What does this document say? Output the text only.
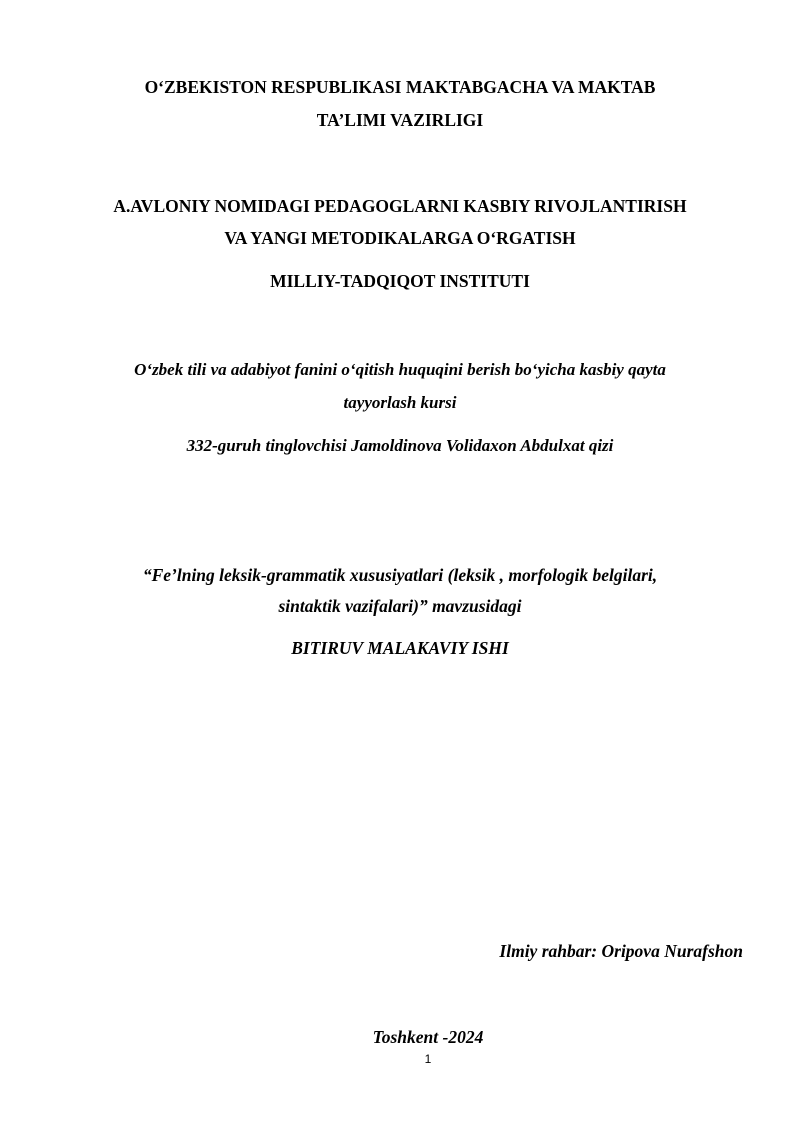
O‘ZBEKISTON RESPUBLIKASI MAKTABGACHA VA MAKTAB
TA’LIMI VAZIRLIGI
A.AVLONIY NOMIDAGI PEDAGOGLARNI KASBIY RIVOJLANTIRISH
VA YANGI METODIKALARGA O‘RGATISH
MILLIY-TADQIQOT INSTITUTI
O‘zbek tili va adabiyot fanini o‘qitish huquqini berish bo‘yicha kasbiy qayta
tayyorlash kursi
332-guruh tinglovchisi Jamoldinova Volidaxon Abdulxat qizi
“Fe’lning leksik-grammatik xususiyatlari (leksik , morfologik belgilari,
sintaktik vazifalari)” mavzusidagi
BITIRUV MALAKAVIY ISHI
Ilmiy rahbar: Oripova Nurafshon
Toshkent -2024
1
